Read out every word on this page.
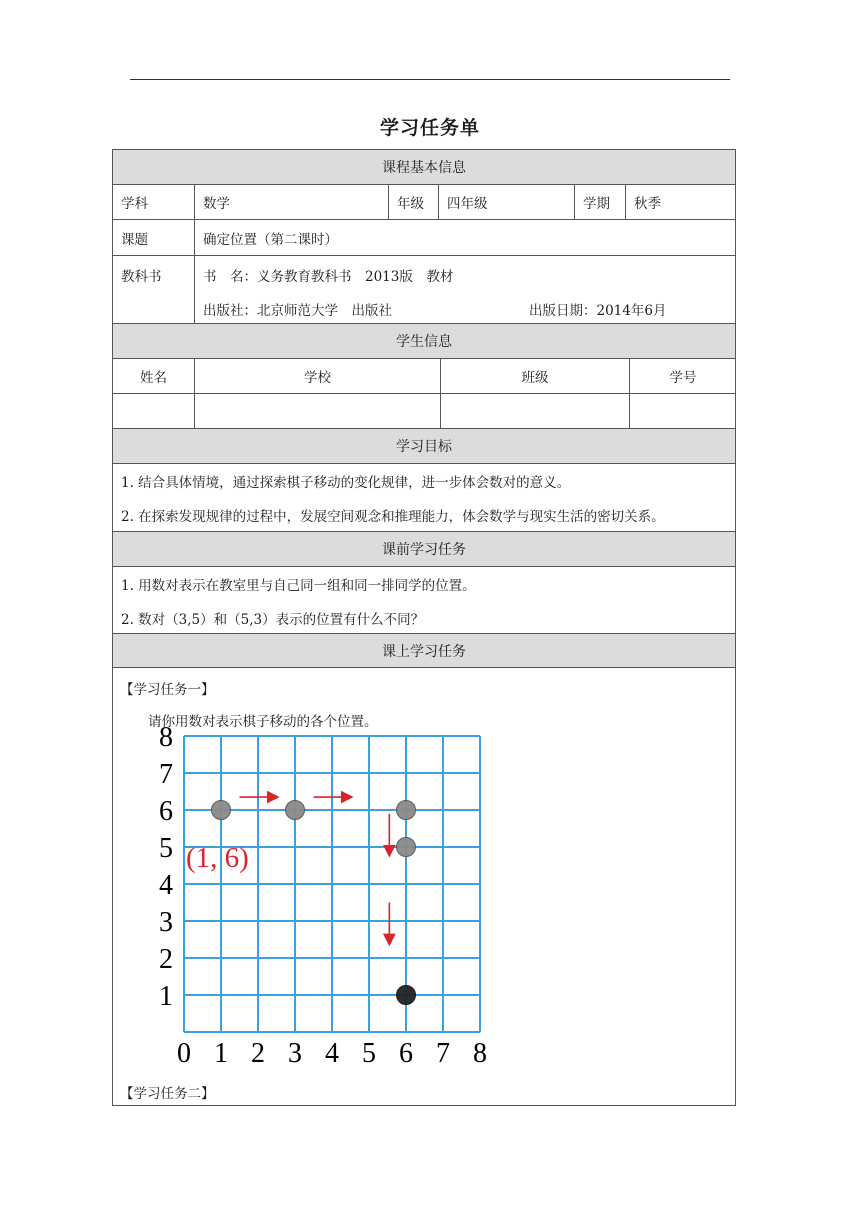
学习任务单
课程基本信息
学科	数学	年级	四年级	学期	秋季
课题	确定位置（第二课时）
教科书	书　名：义务教育教科书　2013版　教材
出版社：北京师范大学　出版社	出版日期：2014年6月
学生信息
姓名	学校	班级	学号
学习目标
1. 结合具体情境，通过探索棋子移动的变化规律，进一步体会数对的意义。
2. 在探索发现规律的过程中，发展空间观念和推理能力，体会数学与现实生活的密切关系。
课前学习任务
1. 用数对表示在教室里与自己同一组和同一排同学的位置。
2. 数对（3,5）和（5,3）表示的位置有什么不同？
课上学习任务
【学习任务一】
请你用数对表示棋子移动的各个位置。
0 1 2 3 4 5 6 7 8
1
2
3
4
5
6
7
8
(1, 6)
【学习任务二】
